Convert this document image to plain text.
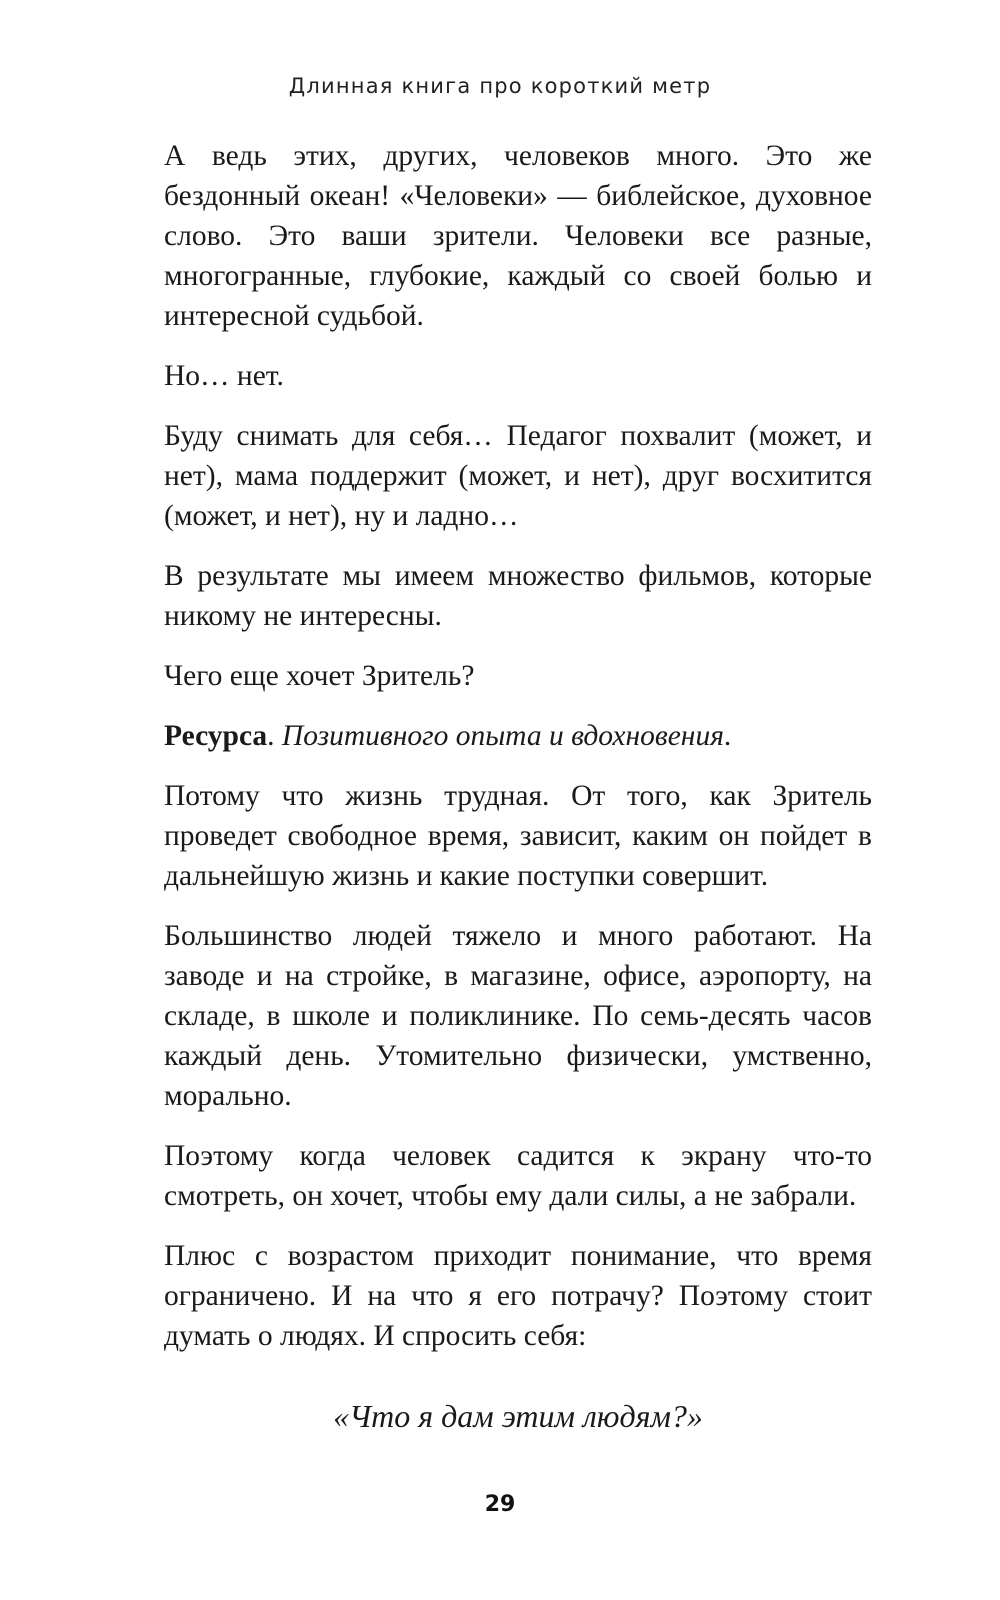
Длинная книга про короткий метр

А ведь этих, других, человеков много. Это же бездонный океан! «Человеки» — библейское, духовное слово. Это ваши зрители. Человеки все разные, многогранные, глубокие, каждый со своей болью и интересной судьбой.

Но… нет.

Буду снимать для себя… Педагог похвалит (может, и нет), мама поддержит (может, и нет), друг восхитится (может, и нет), ну и ладно…

В результате мы имеем множество фильмов, которые никому не интересны.

Чего еще хочет Зритель?

Ресурса. Позитивного опыта и вдохновения.

Потому что жизнь трудная. От того, как Зритель проведет свободное время, зависит, каким он пойдет в дальнейшую жизнь и какие поступки совершит.

Большинство людей тяжело и много работают. На заводе и на стройке, в магазине, офисе, аэропорту, на складе, в школе и поликлинике. По семь-десять часов каждый день. Утомительно физически, умственно, морально.

Поэтому когда человек садится к экрану что-то смотреть, он хочет, чтобы ему дали силы, а не забрали.

Плюс с возрастом приходит понимание, что время ограничено. И на что я его потрачу? Поэтому стоит думать о людях. И спросить себя:

«Что я дам этим людям?»

29
